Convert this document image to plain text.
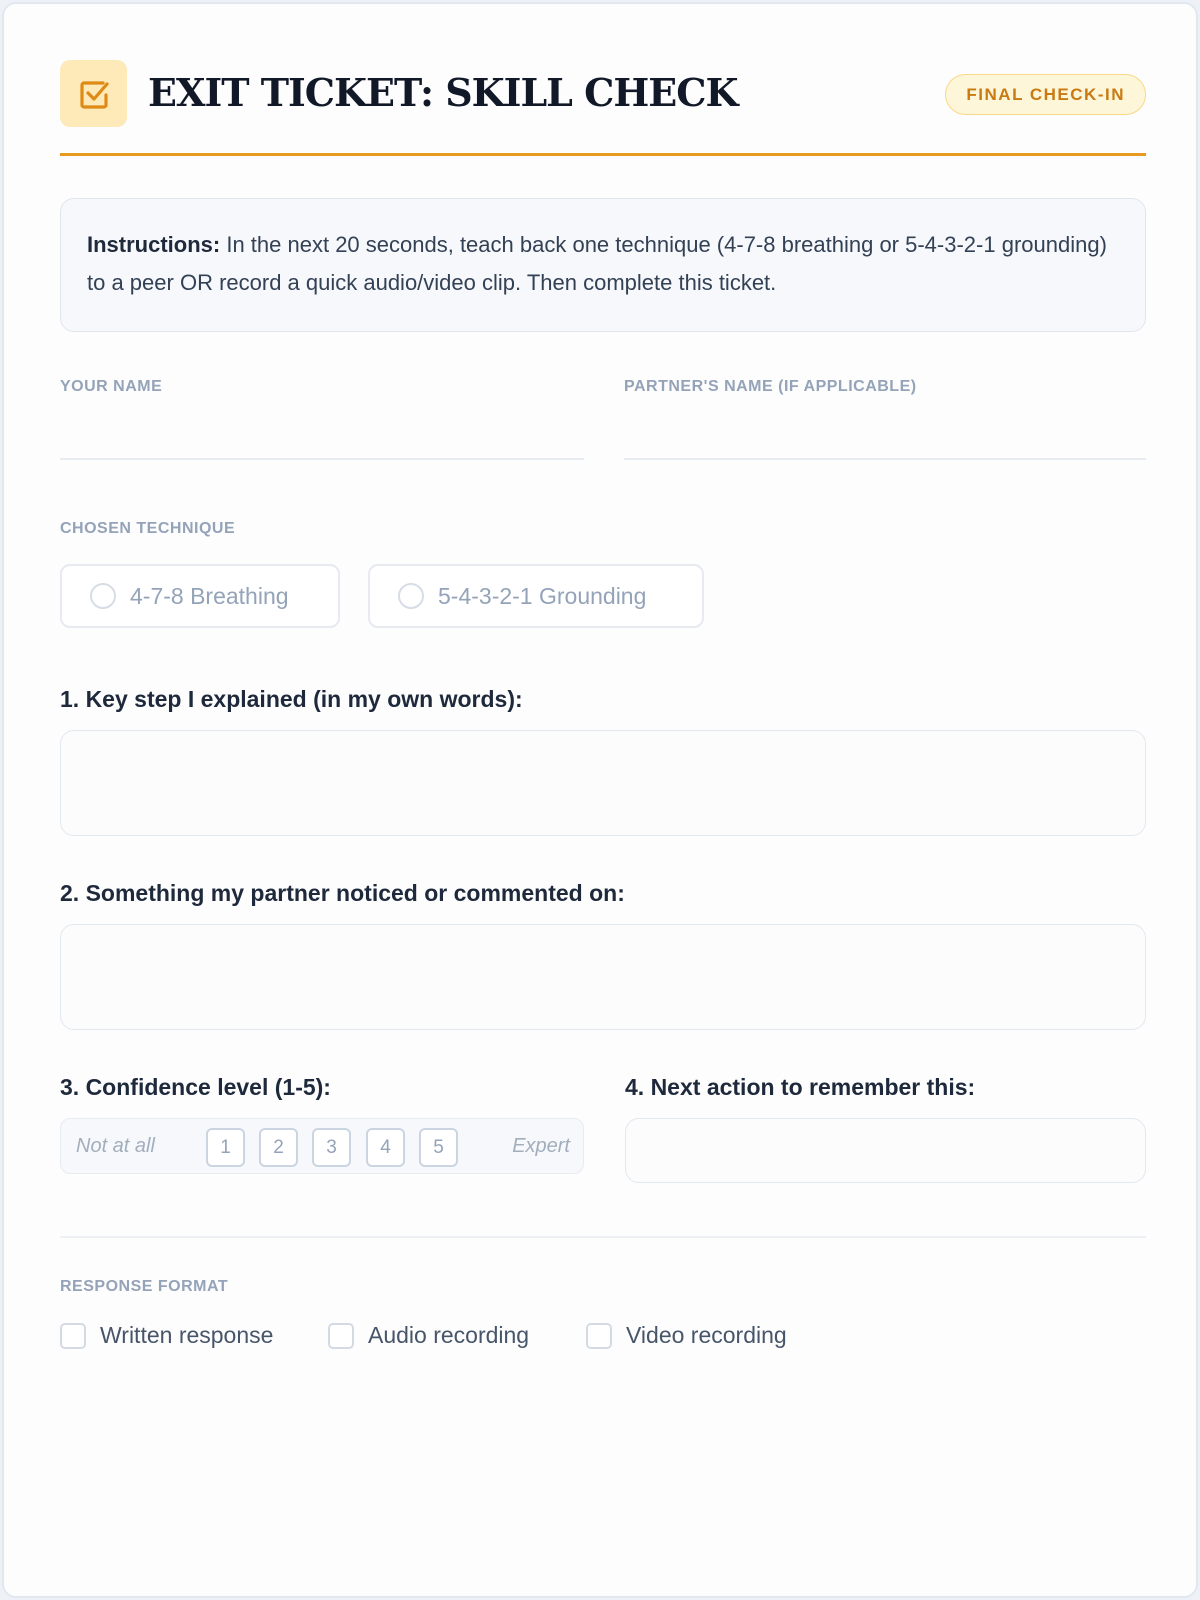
EXIT TICKET: SKILL CHECK	FINAL CHECK-IN
Instructions: In the next 20 seconds, teach back one technique (4-7-8 breathing or 5-4-3-2-1 grounding) to a peer OR record a quick audio/video clip. Then complete this ticket.
YOUR NAME	PARTNER'S NAME (IF APPLICABLE)
CHOSEN TECHNIQUE
4-7-8 Breathing	5-4-3-2-1 Grounding
1. Key step I explained (in my own words):
2. Something my partner noticed or commented on:
3. Confidence level (1-5):
Not at all	1	2	3	4	5	Expert
4. Next action to remember this:
RESPONSE FORMAT
Written response	Audio recording	Video recording
